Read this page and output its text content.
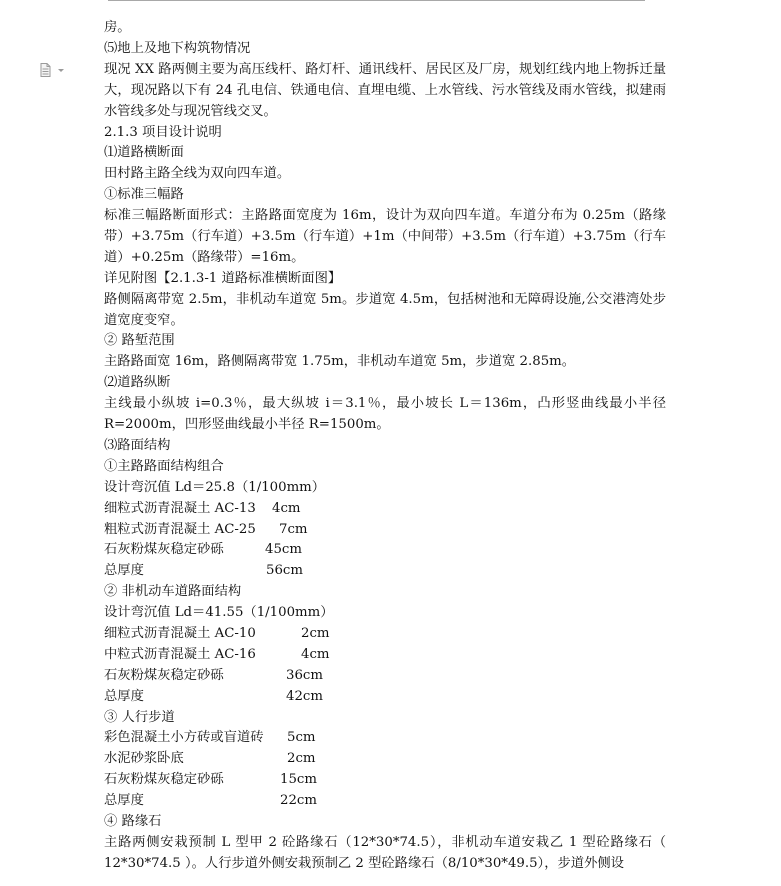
房。
⑸地上及地下构筑物情况
现况 XX 路两侧主要为高压线杆、路灯杆、通讯线杆、居民区及厂房，规划红线内地上物拆迁量大，现况路以下有 24 孔电信、铁通电信、直埋电缆、上水管线、污水管线及雨水管线，拟建雨水管线多处与现况管线交叉。
2.1.3 项目设计说明
⑴道路横断面
田村路主路全线为双向四车道。
①标准三幅路
标准三幅路断面形式：主路路面宽度为 16m，设计为双向四车道。车道分布为 0.25m（路缘带）+3.75m（行车道）+3.5m（行车道）+1m（中间带）+3.5m（行车道）+3.75m（行车道）+0.25m（路缘带）=16m。
详见附图【2.1.3-1 道路标准横断面图】
路侧隔离带宽 2.5m，非机动车道宽 5m。步道宽 4.5m，包括树池和无障碍设施,公交港湾处步道宽度变窄。
② 路堑范围
主路路面宽 16m，路侧隔离带宽 1.75m，非机动车道宽 5m，步道宽 2.85m。
⑵道路纵断
主线最小纵坡 i=0.3％，最大纵坡 i＝3.1％，最小坡长 L＝136m，凸形竖曲线最小半径 R=2000m，凹形竖曲线最小半径 R=1500m。
⑶路面结构
①主路路面结构组合
设计弯沉值 Ld＝25.8（1/100mm）
细粒式沥青混凝土 AC-13	4cm
粗粒式沥青混凝土 AC-25	7cm
石灰粉煤灰稳定砂砾	45cm
总厚度	56cm
② 非机动车道路面结构
设计弯沉值 Ld＝41.55（1/100mm）
细粒式沥青混凝土 AC-10	2cm
中粒式沥青混凝土 AC-16	4cm
石灰粉煤灰稳定砂砾	36cm
总厚度	42cm
③ 人行步道
彩色混凝土小方砖或盲道砖	5cm
水泥砂浆卧底	2cm
石灰粉煤灰稳定砂砾	15cm
总厚度	22cm
④ 路缘石
主路两侧安栽预制 L 型甲 2 砼路缘石（12*30*74.5），非机动车道安栽乙 1 型砼路缘石（ 12*30*74.5 ）。人行步道外侧安栽预制乙 2 型砼路缘石（8/10*30*49.5），步道外侧设
